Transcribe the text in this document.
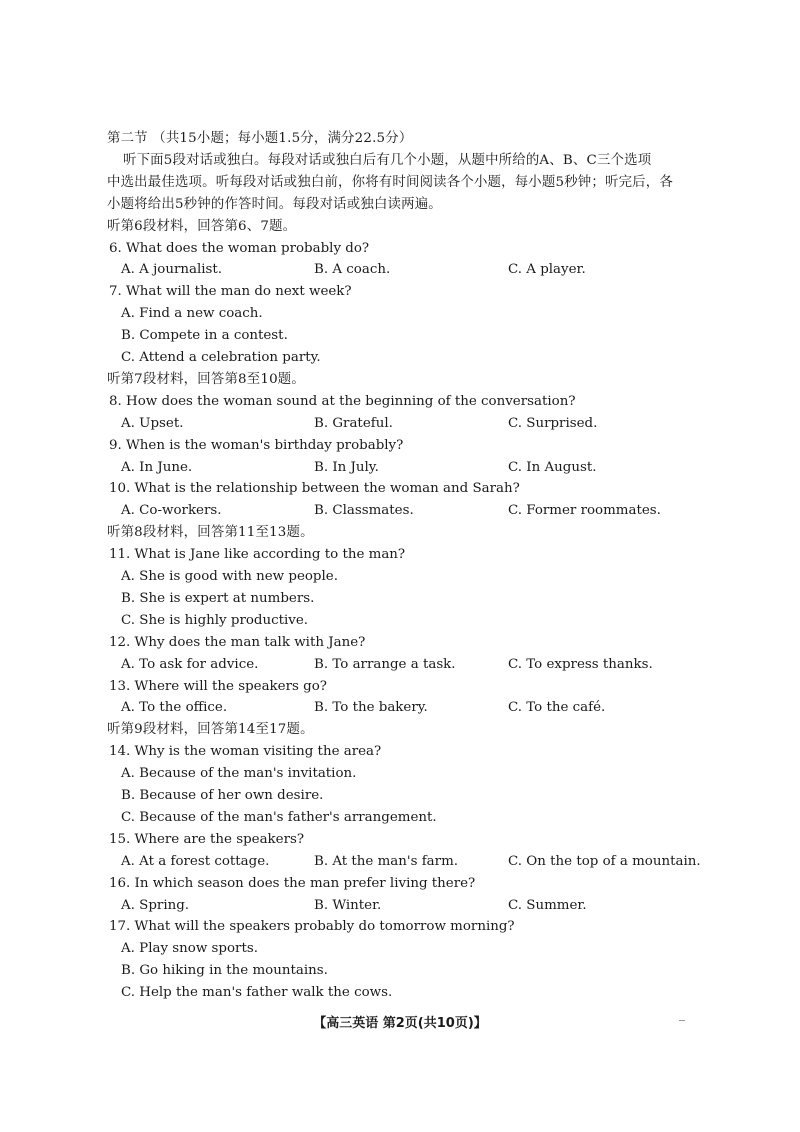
第二节 （共15小题；每小题1.5分，满分22.5分）
听下面5段对话或独白。每段对话或独白后有几个小题，从题中所给的A、B、C三个选项
中选出最佳选项。听每段对话或独白前，你将有时间阅读各个小题，每小题5秒钟；听完后，各
小题将给出5秒钟的作答时间。每段对话或独白读两遍。
听第6段材料，回答第6、7题。
6. What does the woman probably do?
A. A journalist.	B. A coach.	C. A player.
7. What will the man do next week?
A. Find a new coach.
B. Compete in a contest.
C. Attend a celebration party.
听第7段材料，回答第8至10题。
8. How does the woman sound at the beginning of the conversation?
A. Upset.	B. Grateful.	C. Surprised.
9. When is the woman's birthday probably?
A. In June.	B. In July.	C. In August.
10. What is the relationship between the woman and Sarah?
A. Co-workers.	B. Classmates.	C. Former roommates.
听第8段材料，回答第11至13题。
11. What is Jane like according to the man?
A. She is good with new people.
B. She is expert at numbers.
C. She is highly productive.
12. Why does the man talk with Jane?
A. To ask for advice.	B. To arrange a task.	C. To express thanks.
13. Where will the speakers go?
A. To the office.	B. To the bakery.	C. To the café.
听第9段材料，回答第14至17题。
14. Why is the woman visiting the area?
A. Because of the man's invitation.
B. Because of her own desire.
C. Because of the man's father's arrangement.
15. Where are the speakers?
A. At a forest cottage.	B. At the man's farm.	C. On the top of a mountain.
16. In which season does the man prefer living there?
A. Spring.	B. Winter.	C. Summer.
17. What will the speakers probably do tomorrow morning?
A. Play snow sports.
B. Go hiking in the mountains.
C. Help the man's father walk the cows.
【高三英语 第2页(共10页)】
